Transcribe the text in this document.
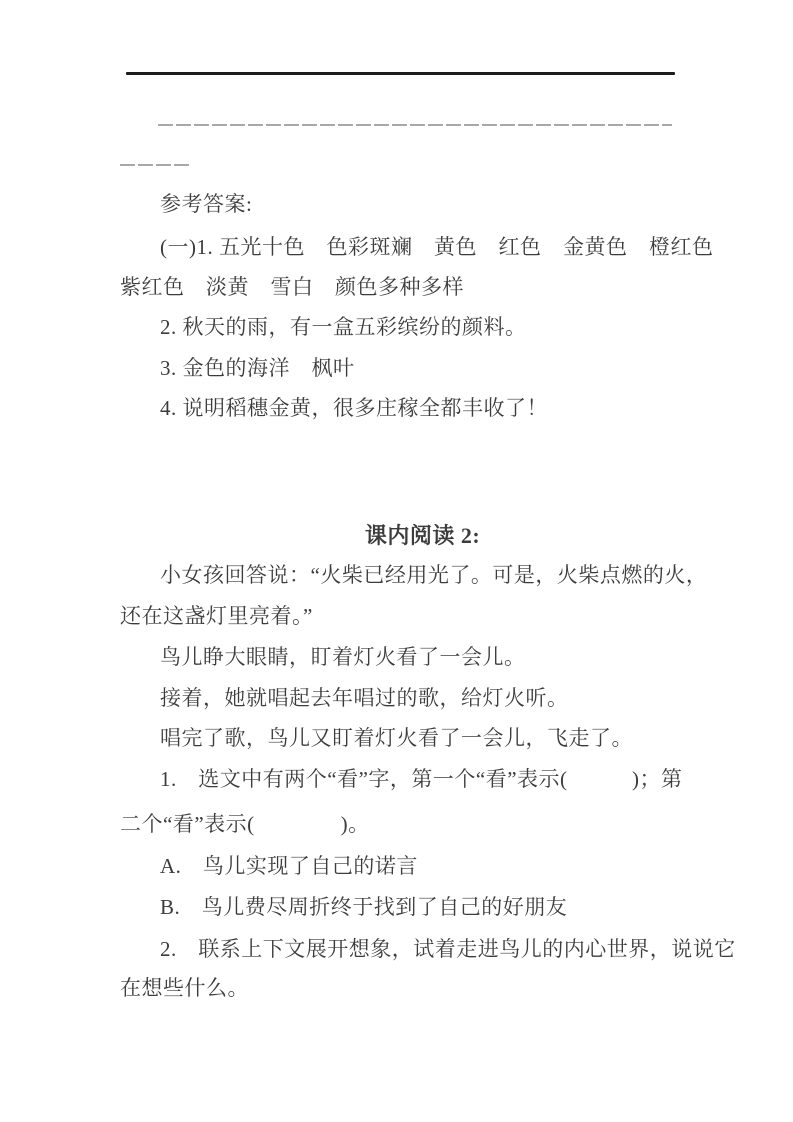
参考答案:
(一)1. 五光十色　色彩斑斓　黄色　红色　金黄色　橙红色
紫红色　淡黄　雪白　颜色多种多样
2. 秋天的雨，有一盒五彩缤纷的颜料。
3. 金色的海洋　枫叶
4. 说明稻穗金黄，很多庄稼全都丰收了！
课内阅读 2:
小女孩回答说：“火柴已经用光了。可是，火柴点燃的火，
还在这盏灯里亮着。”
鸟儿睁大眼睛，盯着灯火看了一会儿。
接着，她就唱起去年唱过的歌，给灯火听。
唱完了歌，鸟儿又盯着灯火看了一会儿，飞走了。
1.　选文中有两个“看”字，第一个“看”表示(　　　)；第
二个“看”表示(　　　　)。
A.　鸟儿实现了自己的诺言
B.　鸟儿费尽周折终于找到了自己的好朋友
2.　联系上下文展开想象，试着走进鸟儿的内心世界，说说它
在想些什么。
